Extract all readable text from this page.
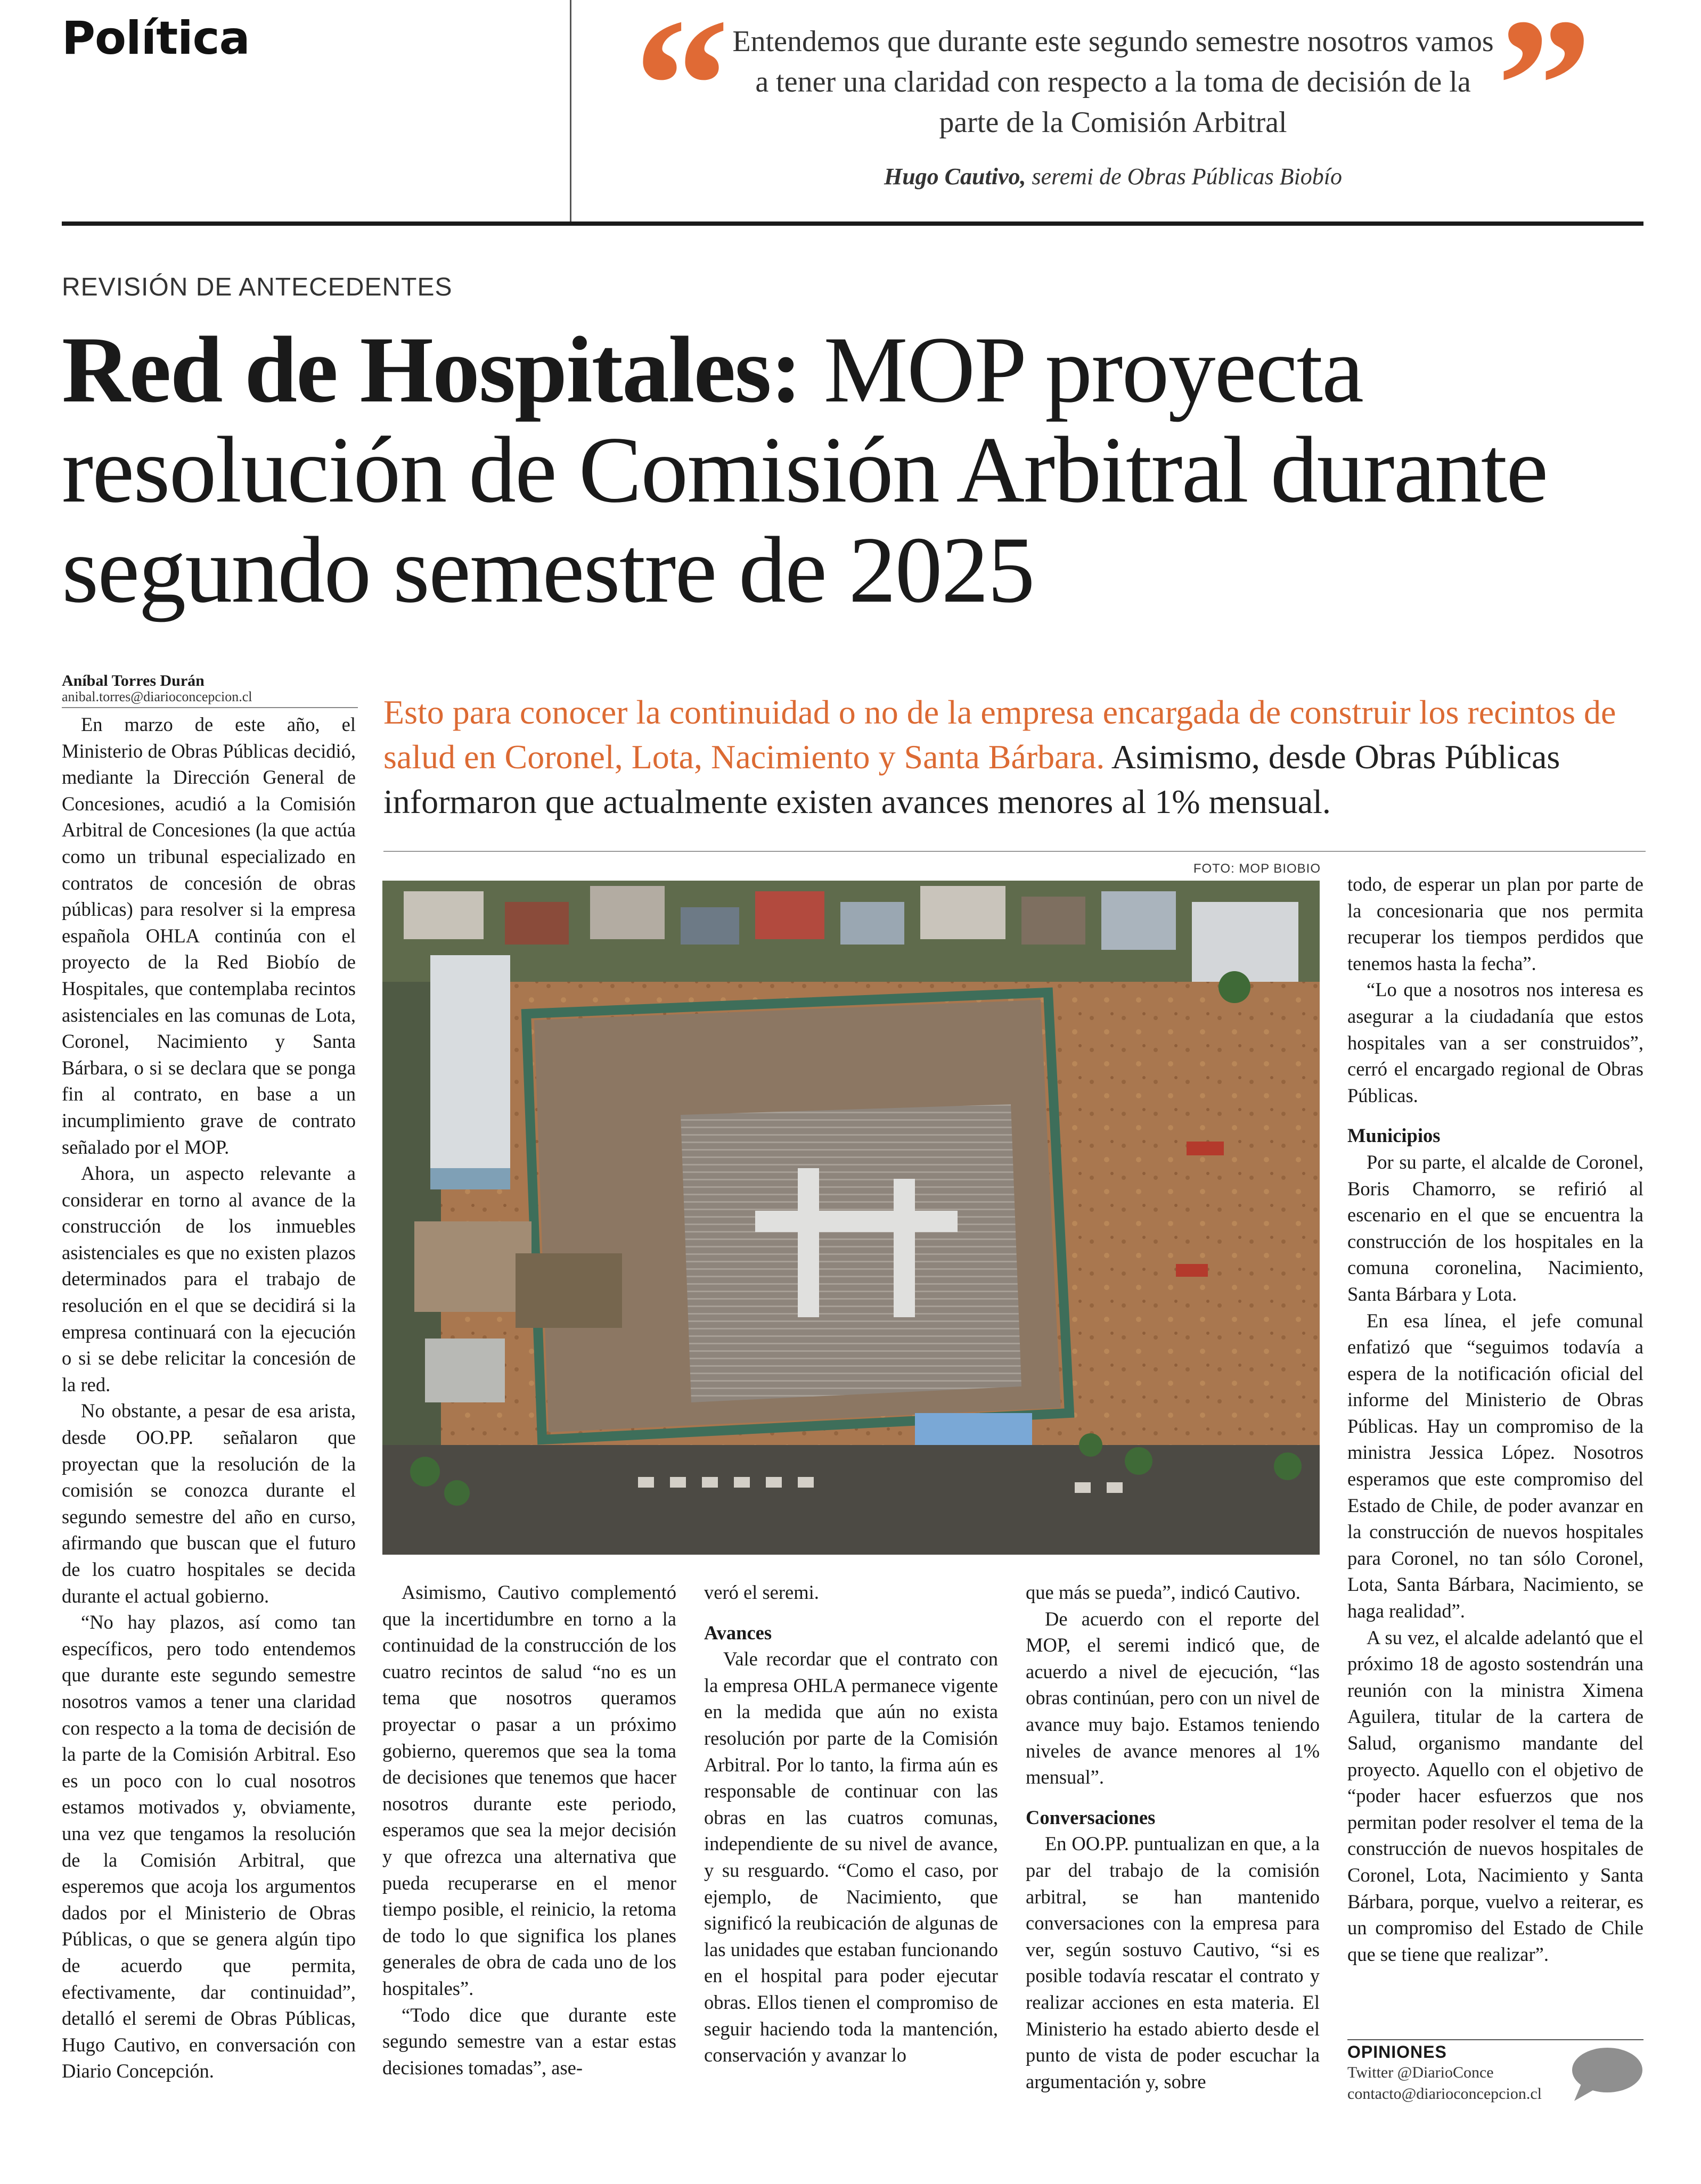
Política “	”
Entendemos que durante este segundo semestre nosotros vamos a tener una claridad con respecto a la toma de decisión de la parte de la Comisión Arbitral
Hugo Cautivo, seremi de Obras Públicas Biobío
REVISIÓN DE ANTECEDENTES
Red de Hospitales: MOP proyecta resolución de Comisión Arbitral durante segundo semestre de 2025
Aníbal Torres Durán
anibal.torres@diarioconcepcion.cl	Esto para conocer la continuidad o no de la empresa encargada de construir los recintos de salud en Coronel, Lota, Nacimiento y Santa Bárbara. Asimismo, desde Obras Públicas informaron que actualmente existen avances menores al 1% mensual.
FOTO: MOP BIOBIO

En marzo de este año, el Ministerio de Obras Públicas decidió, mediante la Dirección General de Concesiones, acudió a la Comisión Arbitral de Concesiones (la que actúa como un tribunal especializado en contratos de concesión de obras públicas) para resolver si la empresa española OHLA continúa con el proyecto de la Red Biobío de Hospitales, que contemplaba recintos asistenciales en las comunas de Lota, Coronel, Nacimiento y Santa Bárbara, o si se declara que se ponga fin al contrato, en base a un incumplimiento grave de contrato señalado por el MOP.

Ahora, un aspecto relevante a considerar en torno al avance de la construcción de los inmuebles asistenciales es que no existen plazos determinados para el trabajo de resolución en el que se decidirá si la empresa continuará con la ejecución o si se debe relicitar la concesión de la red.

No obstante, a pesar de esa arista, desde OO.PP. señalaron que proyectan que la resolución de la comisión se conozca durante el segundo semestre del año en curso, afirmando que buscan que el futuro de los cuatro hospitales se decida durante el actual gobierno.

“No hay plazos, así como tan específicos, pero todo entendemos que durante este segundo semestre nosotros vamos a tener una claridad con respecto a la toma de decisión de la parte de la Comisión Arbitral. Eso es un poco con lo cual nosotros estamos motivados y, obviamente, una vez que tengamos la resolución de la Comisión Arbitral, que esperemos que acoja los argumentos dados por el Ministerio de Obras Públicas, o que se genera algún tipo de acuerdo que permita, efectivamente, dar continuidad”, detalló el seremi de Obras Públicas, Hugo Cautivo, en conversación con Diario Concepción.

Asimismo, Cautivo complementó que la incertidumbre en torno a la continuidad de la construcción de los cuatro recintos de salud “no es un tema que nosotros queramos proyectar o pasar a un próximo gobierno, queremos que sea la toma de decisiones que tenemos que hacer nosotros durante este periodo, esperamos que sea la mejor decisión y que ofrezca una alternativa que pueda recuperarse en el menor tiempo posible, el reinicio, la retoma de todo lo que significa los planes generales de obra de cada uno de los hospitales”.

“Todo dice que durante este segundo semestre van a estar estas decisiones tomadas”, ase-

veró el seremi.

Avances

Vale recordar que el contrato con la empresa OHLA permanece vigente en la medida que aún no exista resolución por parte de la Comisión Arbitral. Por lo tanto, la firma aún es responsable de continuar con las obras en las cuatros comunas, independiente de su nivel de avance, y su resguardo. “Como el caso, por ejemplo, de Nacimiento, que significó la reubicación de algunas de las unidades que estaban funcionando en el hospital para poder ejecutar obras. Ellos tienen el compromiso de seguir haciendo toda la mantención, conservación y avanzar lo

que más se pueda”, indicó Cautivo.

De acuerdo con el reporte del MOP, el seremi indicó que, de acuerdo a nivel de ejecución, “las obras continúan, pero con un nivel de avance muy bajo. Estamos teniendo niveles de avance menores al 1% mensual”.

Conversaciones

En OO.PP. puntualizan en que, a la par del trabajo de la comisión arbitral, se han mantenido conversaciones con la empresa para ver, según sostuvo Cautivo, “si es posible todavía rescatar el contrato y realizar acciones en esta materia. El Ministerio ha estado abierto desde el punto de vista de poder escuchar la argumentación y, sobre

todo, de esperar un plan por parte de la concesionaria que nos permita recuperar los tiempos perdidos que tenemos hasta la fecha”.

“Lo que a nosotros nos interesa es asegurar a la ciudadanía que estos hospitales van a ser construidos”, cerró el encargado regional de Obras Públicas.

Municipios

Por su parte, el alcalde de Coronel, Boris Chamorro, se refirió al escenario en el que se encuentra la construcción de los hospitales en la comuna coronelina, Nacimiento, Santa Bárbara y Lota.

En esa línea, el jefe comunal enfatizó que “seguimos todavía a espera de la notificación oficial del informe del Ministerio de Obras Públicas. Hay un compromiso de la ministra Jessica López. Nosotros esperamos que este compromiso del Estado de Chile, de poder avanzar en la construcción de nuevos hospitales para Coronel, no tan sólo Coronel, Lota, Santa Bárbara, Nacimiento, se haga realidad”.

A su vez, el alcalde adelantó que el próximo 18 de agosto sostendrán una reunión con la ministra Ximena Aguilera, titular de la cartera de Salud, organismo mandante del proyecto. Aquello con el objetivo de “poder hacer esfuerzos que nos permitan poder resolver el tema de la construcción de nuevos hospitales de Coronel, Lota, Nacimiento y Santa Bárbara, porque, vuelvo a reiterar, es un compromiso del Estado de Chile que se tiene que realizar”.

OPINIONES
Twitter @DiarioConce
contacto@diarioconcepcion.cl
